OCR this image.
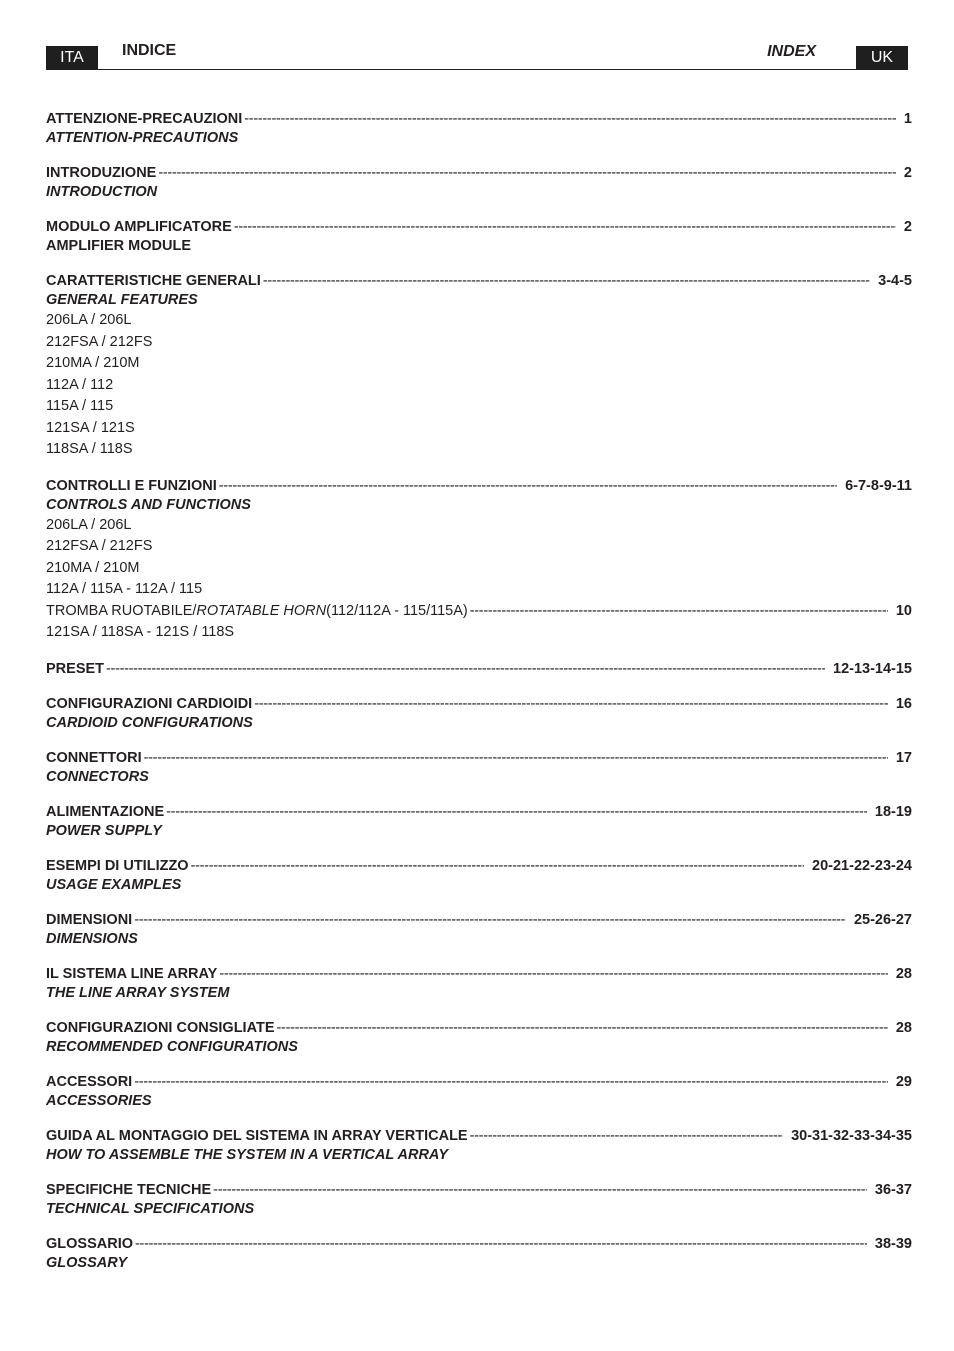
ITA	INDICE	INDEX	UK
ATTENZIONE-PRECAUZIONI -----	1
ATTENTION-PRECAUTIONS
INTRODUZIONE -----	2
INTRODUCTION
MODULO AMPLIFICATORE -----	2
AMPLIFIER MODULE
CARATTERISTICHE GENERALI -----	3-4-5
GENERAL FEATURES
206LA / 206L
212FSA / 212FS
210MA / 210M
112A / 112
115A / 115
121SA / 121S
118SA / 118S
CONTROLLI E FUNZIONI -----	6-7-8-9-11
CONTROLS AND FUNCTIONS
206LA / 206L
212FSA / 212FS
210MA / 210M
112A / 115A - 112A / 115
TROMBA RUOTABILE/ ROTATABLE HORN (112/112A - 115/115A) -----	10
121SA / 118SA - 121S / 118S
PRESET -----	12-13-14-15
CONFIGURAZIONI CARDIOIDI -----	16
CARDIOID CONFIGURATIONS
CONNETTORI -----	17
CONNECTORS
ALIMENTAZIONE -----	18-19
POWER SUPPLY
ESEMPI DI UTILIZZO -----	20-21-22-23-24
USAGE EXAMPLES
DIMENSIONI -----	25-26-27
DIMENSIONS
IL SISTEMA LINE ARRAY -----	28
THE LINE ARRAY SYSTEM
CONFIGURAZIONI CONSIGLIATE -----	28
RECOMMENDED CONFIGURATIONS
ACCESSORI -----	29
ACCESSORIES
GUIDA AL MONTAGGIO DEL SISTEMA IN ARRAY VERTICALE -----	30-31-32-33-34-35
HOW TO ASSEMBLE THE SYSTEM IN A VERTICAL ARRAY
SPECIFICHE TECNICHE -----	36-37
TECHNICAL SPECIFICATIONS
GLOSSARIO -----	38-39
GLOSSARY
